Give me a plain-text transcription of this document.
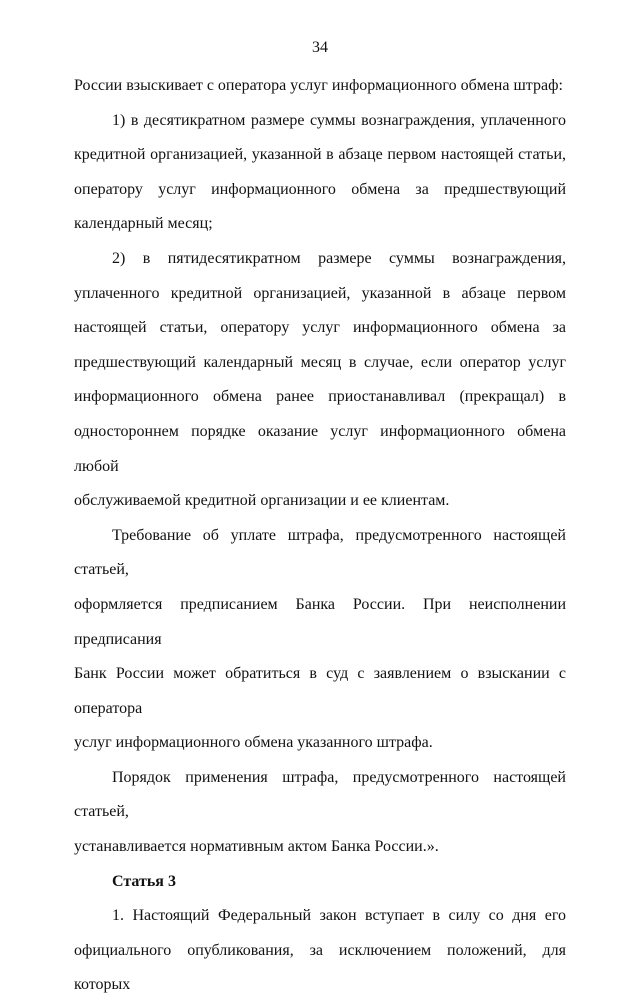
34

России взыскивает с оператора услуг информационного обмена штраф:

1) в десятикратном размере суммы вознаграждения, уплаченного

кредитной организацией, указанной в абзаце первом настоящей статьи,

оператору услуг информационного обмена за предшествующий

календарный месяц;

2) в пятидесятикратном размере суммы вознаграждения,

уплаченного кредитной организацией, указанной в абзаце первом

настоящей статьи, оператору услуг информационного обмена за

предшествующий календарный месяц в случае, если оператор услуг

информационного обмена ранее приостанавливал (прекращал) в

одностороннем порядке оказание услуг информационного обмена любой

обслуживаемой кредитной организации и ее клиентам.

Требование об уплате штрафа, предусмотренного настоящей статьей,

оформляется предписанием Банка России. При неисполнении предписания

Банк России может обратиться в суд с заявлением о взыскании с оператора

услуг информационного обмена указанного штрафа.

Порядок применения штрафа, предусмотренного настоящей статьей,

устанавливается нормативным актом Банка России.».

Статья 3

1. Настоящий Федеральный закон вступает в силу со дня его

официального опубликования, за исключением положений, для которых
